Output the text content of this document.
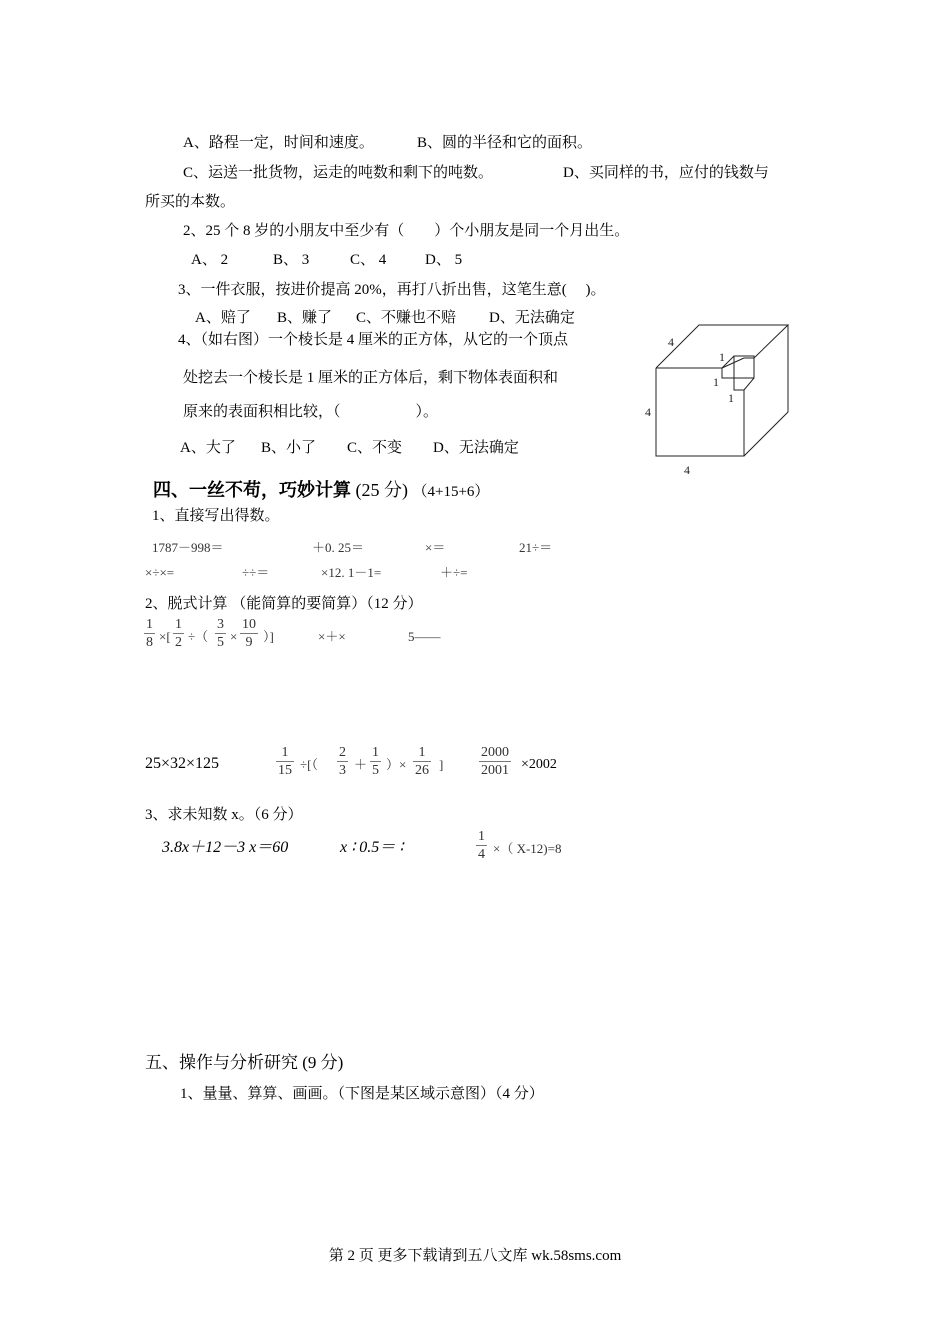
A、路程一定，时间和速度。	B、圆的半径和它的面积。
C、运送一批货物，运走的吨数和剩下的吨数。	D、买同样的书，应付的钱数与
所买的本数。
2、25 个 8 岁的小朋友中至少有（　　）个小朋友是同一个月出生。
A、 2	B、 3	C、 4	D、 5
3、一件衣服，按进价提高 20%，再打八折出售，这笔生意(　 )。
A、赔了 B、赚了 C、不赚也不赔 D、无法确定
4、（如右图）一个棱长是 4 厘米的正方体，从它的一个顶点
处挖去一个棱长是 1 厘米的正方体后，剩下物体表面积和
原来的表面积相比较，（　　　　　）。
A、大了 B、小了 C、不变 D、无法确定
4
4
4
1
1
1
四、一丝不苟，巧妙计算 (25 分) （4+15+6）
1、直接写出得数。
1787－998＝	＋0. 25＝	×＝	21÷＝
×÷×=	÷÷＝	×12. 1－1=	＋÷=
2、脱式计算 （能简算的要简算）（12 分）
1
8 ×[
1
2 ÷（
3
5 ×
10
9 ）]	×＋×	5——
25×32×125
1
15 ÷[（
2
3 ＋
1
5 ）×
1
26 ]
2000
2001 ×2002
3、求未知数 x。（6 分）
3.8x＋12－3 x＝60	x ∶ 0.5＝ ∶
1
4 ×（ X-12)=8
五、操作与分析研究 (9 分)
1、量量、算算、画画。（下图是某区域示意图）（4 分）
第 2 页 更多下载请到五八文库 wk.58sms.com
